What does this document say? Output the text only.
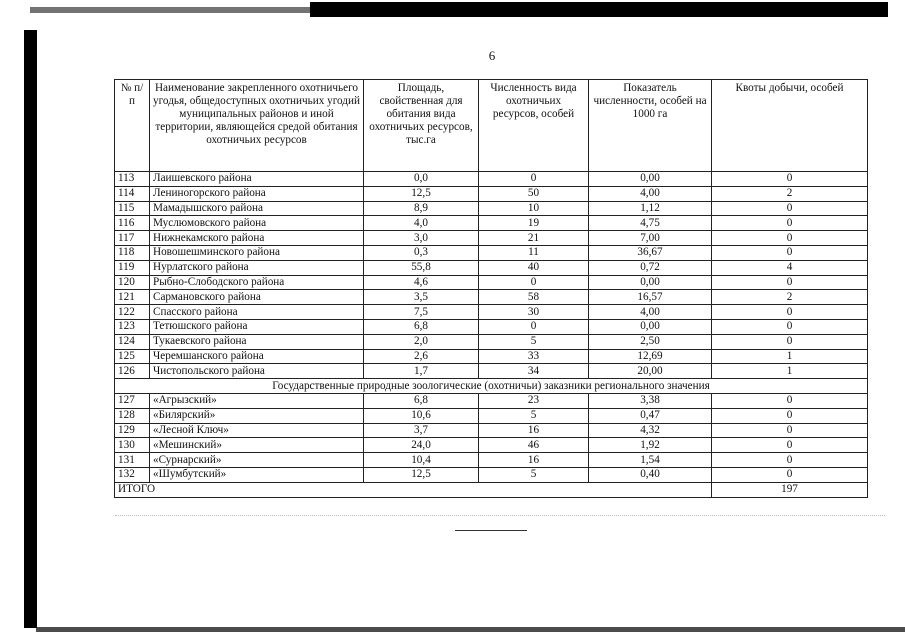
6
№ п/п	Наименование закрепленного охотничьего угодья, общедоступных охотничьих угодий муниципальных районов и иной территории, являющейся средой обитания охотничьих ресурсов	Площадь, свойственная для обитания вида охотничьих ресурсов, тыс.га	Численность вида охотничьих ресурсов, особей	Показатель численности, особей на 1000 га	Квоты добычи, особей
113	Лаишевского района	0,0	0	0,00	0
114	Лениногорского района	12,5	50	4,00	2
115	Мамадышского района	8,9	10	1,12	0
116	Муслюмовского района	4,0	19	4,75	0
117	Нижнекамского района	3,0	21	7,00	0
118	Новошешминского района	0,3	11	36,67	0
119	Нурлатского района	55,8	40	0,72	4
120	Рыбно-Слободского района	4,6	0	0,00	0
121	Сармановского района	3,5	58	16,57	2
122	Спасского района	7,5	30	4,00	0
123	Тетюшского района	6,8	0	0,00	0
124	Тукаевского района	2,0	5	2,50	0
125	Черемшанского района	2,6	33	12,69	1
126	Чистопольского района	1,7	34	20,00	1
Государственные природные зоологические (охотничьи) заказники регионального значения					
127	«Агрызский»	6,8	23	3,38	0
128	«Билярский»	10,6	5	0,47	0
129	«Лесной Ключ»	3,7	16	4,32	0
130	«Мешинский»	24,0	46	1,92	0
131	«Сурнарский»	10,4	16	1,54	0
132	«Шумбутский»	12,5	5	0,40	0
ИТОГО					197
